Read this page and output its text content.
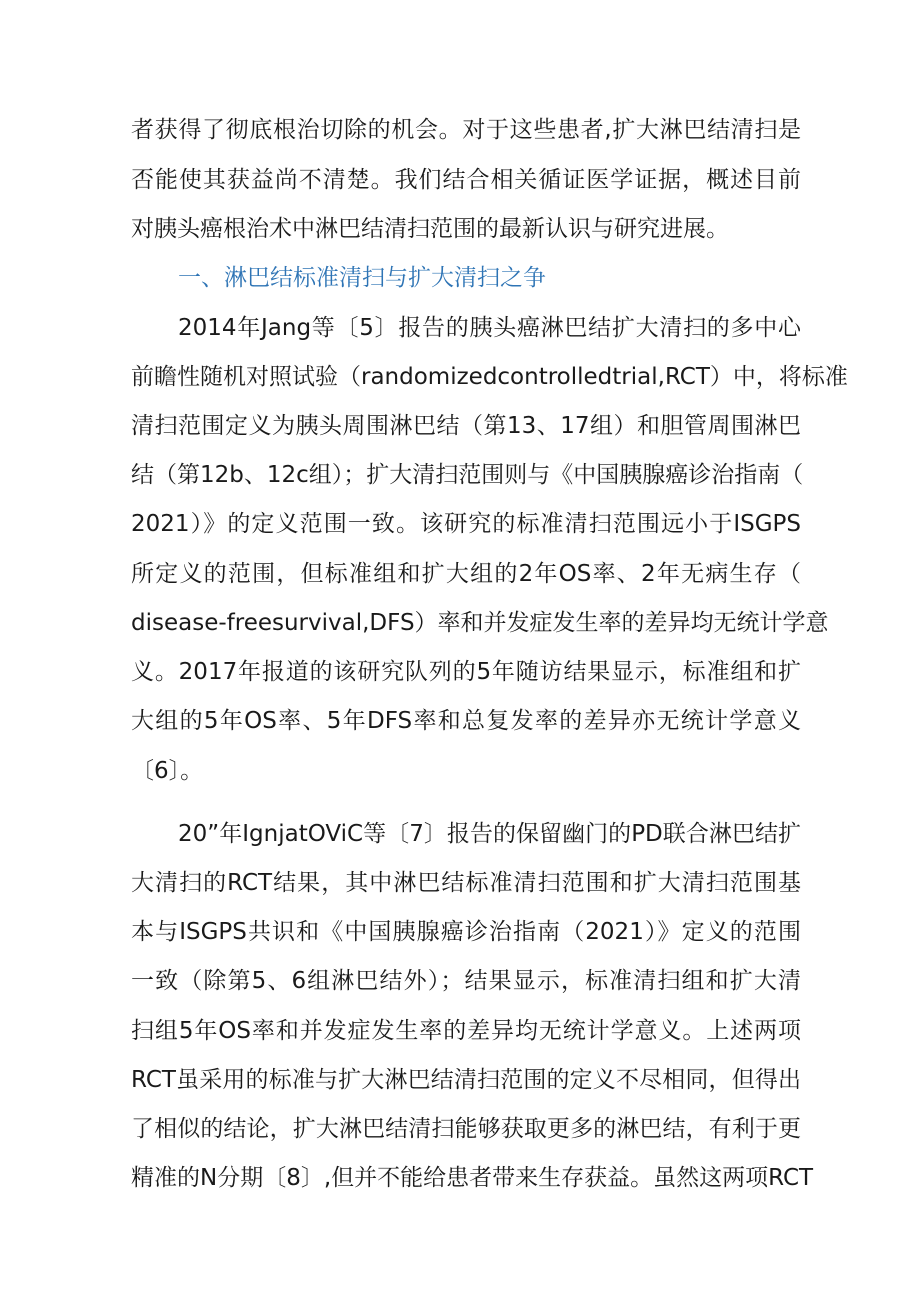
者获得了彻底根治切除的机会。对于这些患者,扩大淋巴结清扫是
否能使其获益尚不清楚。我们结合相关循证医学证据，概述目前
对胰头癌根治术中淋巴结清扫范围的最新认识与研究进展。
一、淋巴结标准清扫与扩大清扫之争
2014年Jang等〔5〕报告的胰头癌淋巴结扩大清扫的多中心
前瞻性随机对照试验（randomizedcontrolledtrial,RCT）中，将标准
清扫范围定义为胰头周围淋巴结（第13、17组）和胆管周围淋巴
结（第12b、12c组）；扩大清扫范围则与《中国胰腺癌诊治指南（
2021）》的定义范围一致。该研究的标准清扫范围远小于ISGPS
所定义的范围，但标准组和扩大组的2年OS率、2年无病生存（
disease-freesurvival,DFS）率和并发症发生率的差异均无统计学意
义。2017年报道的该研究队列的5年随访结果显示，标准组和扩
大组的5年OS率、5年DFS率和总复发率的差异亦无统计学意义
〔6〕。
20”年IgnjatOViC等〔7〕报告的保留幽门的PD联合淋巴结扩
大清扫的RCT结果，其中淋巴结标准清扫范围和扩大清扫范围基
本与ISGPS共识和《中国胰腺癌诊治指南（2021）》定义的范围
一致（除第5、6组淋巴结外）；结果显示，标准清扫组和扩大清
扫组5年OS率和并发症发生率的差异均无统计学意义。上述两项
RCT虽采用的标准与扩大淋巴结清扫范围的定义不尽相同，但得出
了相似的结论，扩大淋巴结清扫能够获取更多的淋巴结，有利于更
精准的N分期〔8〕,但并不能给患者带来生存获益。虽然这两项RCT
